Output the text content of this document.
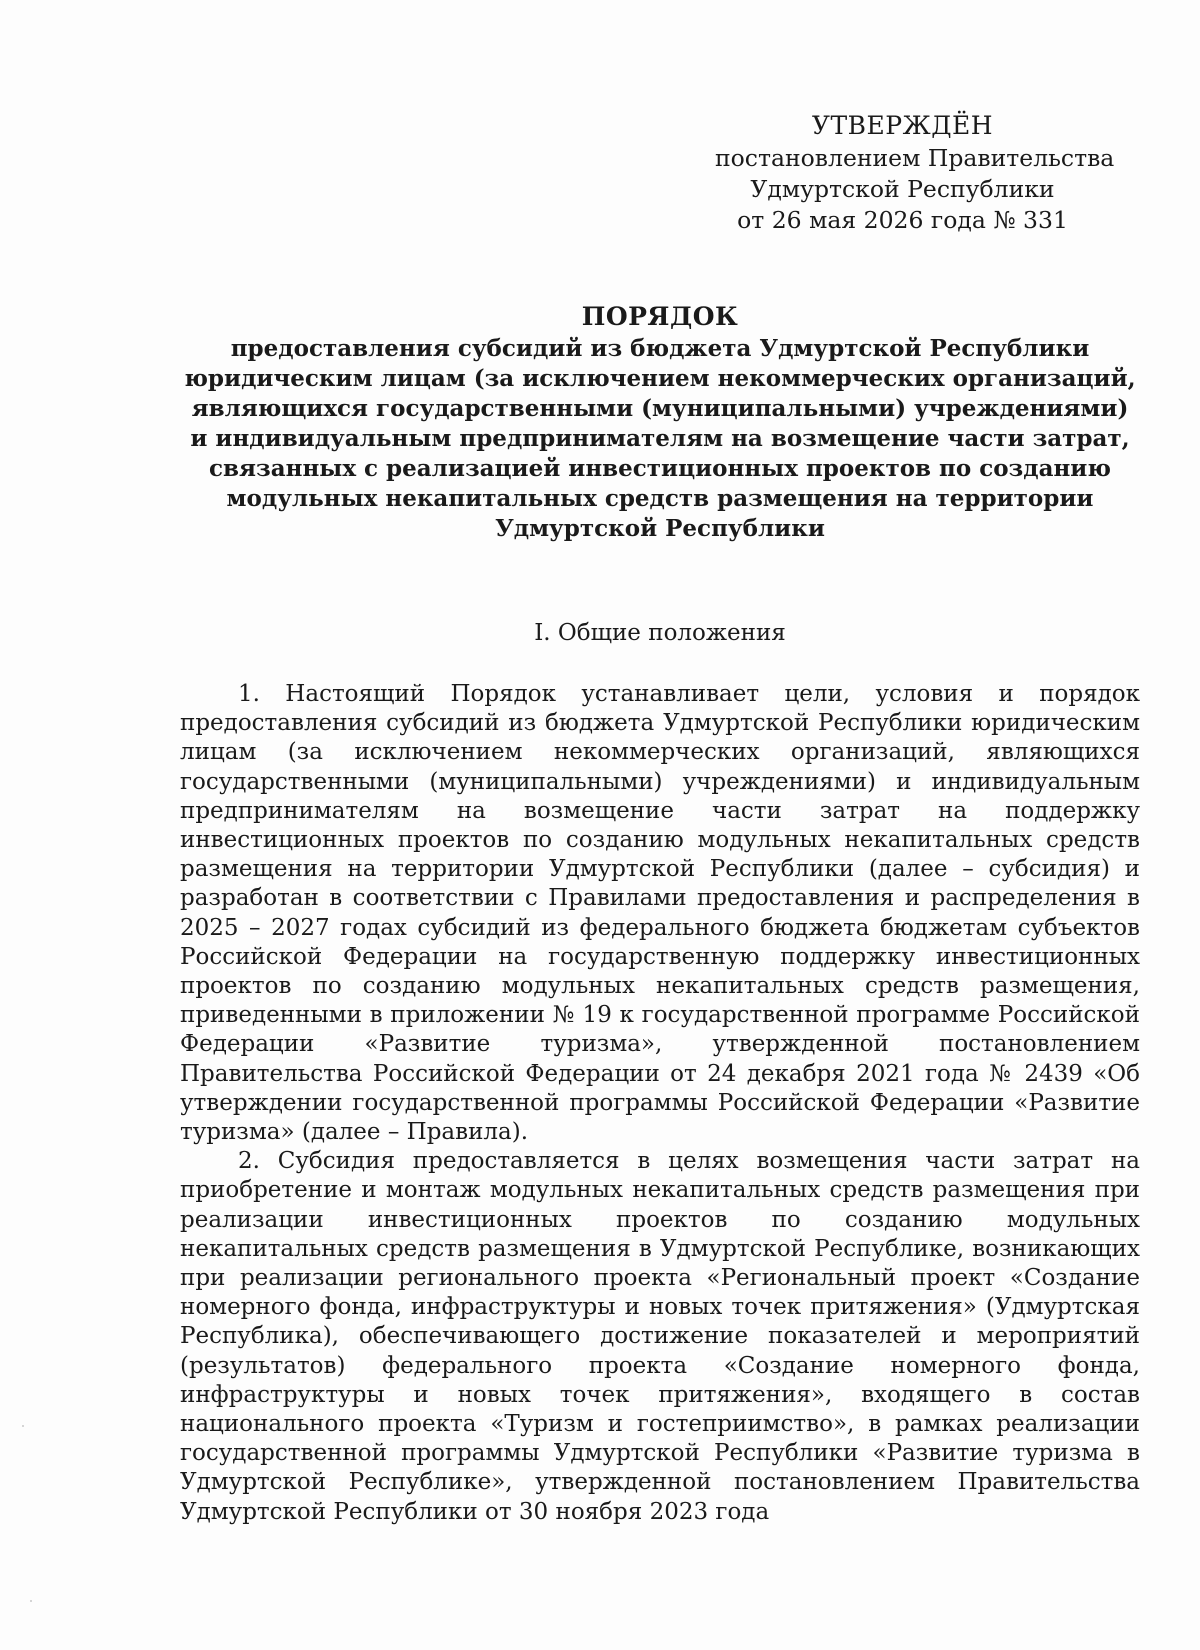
УТВЕРЖДЁН
постановлением Правительства
Удмуртской Республики
от 26 мая 2026 года № 331
ПОРЯДОК
предоставления субсидий из бюджета Удмуртской Республики
юридическим лицам (за исключением некоммерческих организаций,
являющихся государственными (муниципальными) учреждениями)
и индивидуальным предпринимателям на возмещение части затрат,
связанных с реализацией инвестиционных проектов по созданию
модульных некапитальных средств размещения на территории
Удмуртской Республики
I. Общие положения

1. Настоящий Порядок устанавливает цели, условия и порядок предоставления субсидий из бюджета Удмуртской Республики юридическим лицам (за исключением некоммерческих организаций, являющихся государственными (муниципальными) учреждениями) и индивидуальным предпринимателям на возмещение части затрат на поддержку инвестиционных проектов по созданию модульных некапитальных средств размещения на территории Удмуртской Республики (далее – субсидия) и разработан в соответствии с Правилами предоставления и распределения в 2025 – 2027 годах субсидий из федерального бюджета бюджетам субъектов Российской Федерации на государственную поддержку инвестиционных проектов по созданию модульных некапитальных средств размещения, приведенными в приложении № 19 к государственной программе Российской Федерации «Развитие туризма», утвержденной постановлением Правительства Российской Федерации от 24 декабря 2021 года № 2439 «Об утверждении государственной программы Российской Федерации «Развитие туризма» (далее – Правила).

2. Субсидия предоставляется в целях возмещения части затрат на приобретение и монтаж модульных некапитальных средств размещения при реализации инвестиционных проектов по созданию модульных некапитальных средств размещения в Удмуртской Республике, возникающих при реализации регионального проекта «Региональный проект «Создание номерного фонда, инфраструктуры и новых точек притяжения» (Удмуртская Республика), обеспечивающего достижение показателей и мероприятий (результатов) федерального проекта «Создание номерного фонда, инфраструктуры и новых точек притяжения», входящего в состав национального проекта «Туризм и гостеприимство», в рамках реализации государственной программы Удмуртской Республики «Развитие туризма в Удмуртской Республике», утвержденной постановлением Правительства Удмуртской Республики от 30 ноября 2023 года
